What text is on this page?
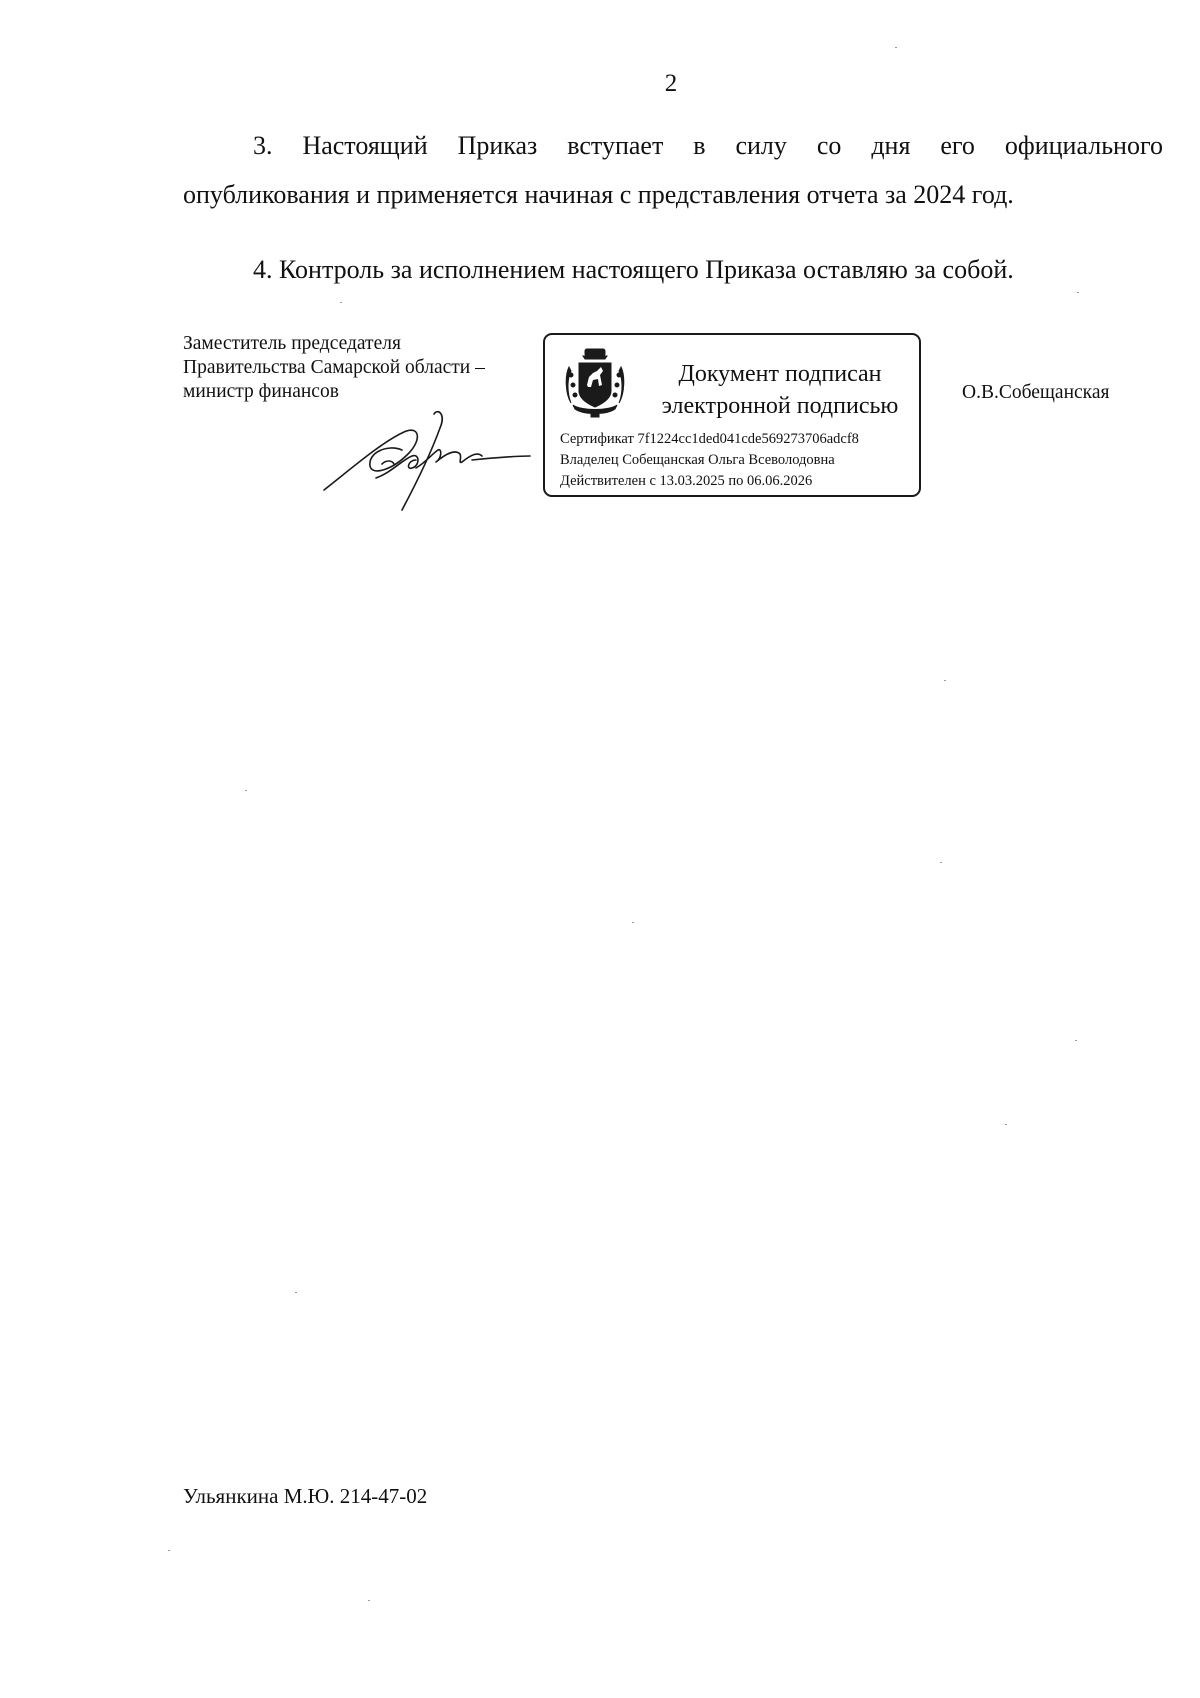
2

3. Настоящий Приказ вступает в силу со дня его официального

опубликования и применяется начиная с представления отчета за 2024 год.

4. Контроль за исполнением настоящего Приказа оставляю за собой.

Заместитель председателя
Правительства Самарской области –
министр финансов
Документ подписан
электронной подписью
Сертификат 7f1224cc1ded041cde569273706adcf8
Владелец Собещанская Ольга Всеволодовна
Действителен с 13.03.2025 по 06.06.2026
О.В.Собещанская
Ульянкина М.Ю. 214-47-02
